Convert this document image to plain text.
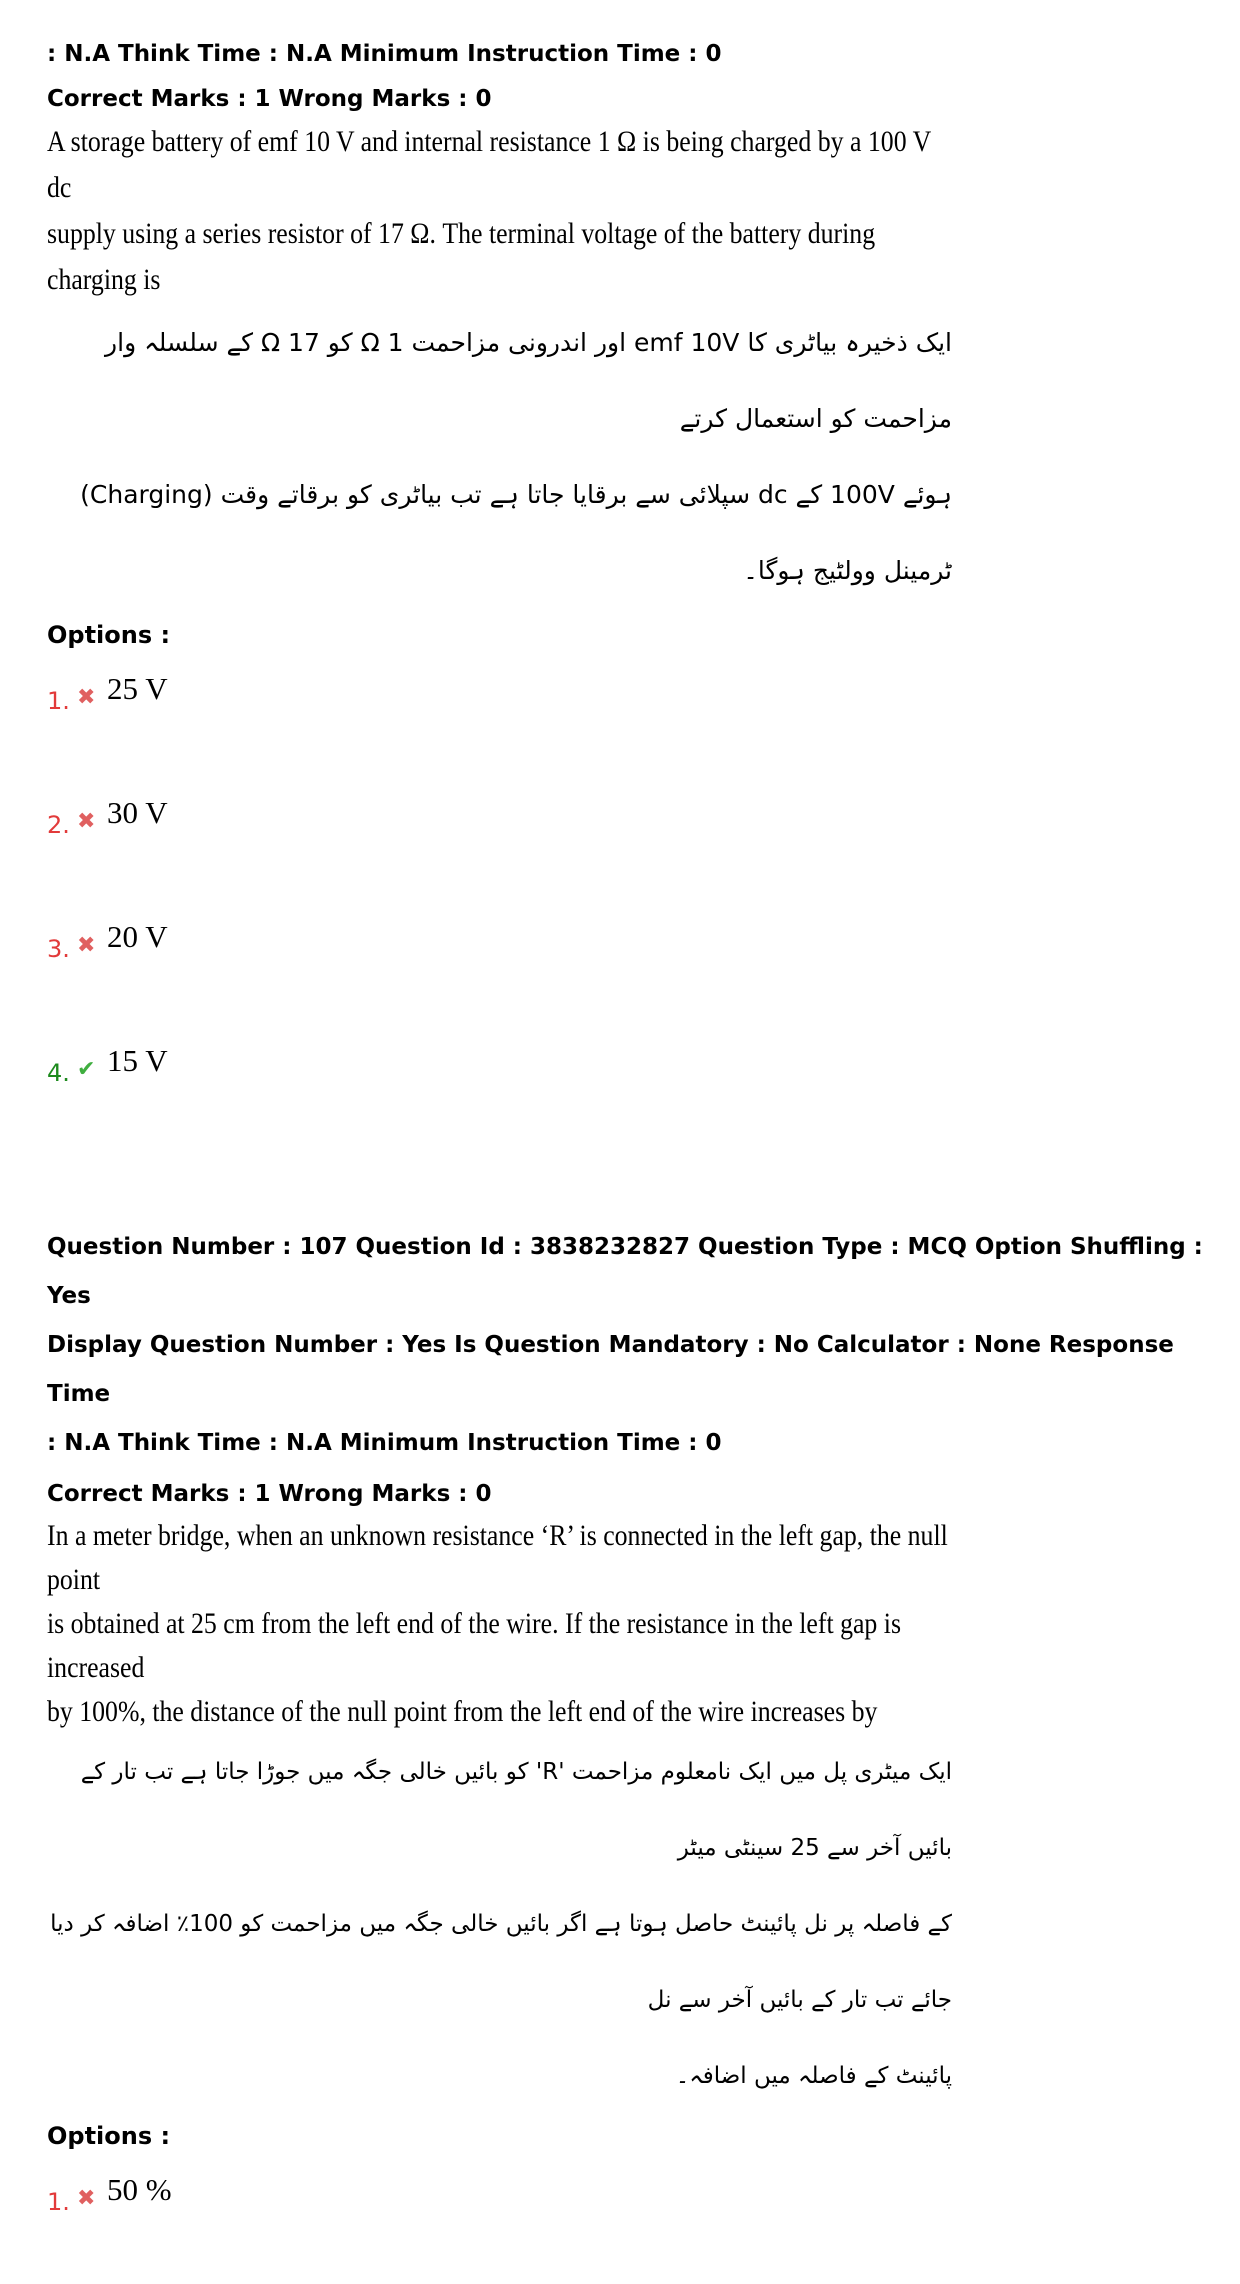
: N.A Think Time : N.A Minimum Instruction Time : 0

Correct Marks : 1 Wrong Marks : 0

A storage battery of emf 10 V and internal resistance 1 Ω is being charged by a 100 V dc
supply using a series resistor of 17 Ω. The terminal voltage of the battery during charging is

ایک ذخیرہ بیاٹری کا emf 10V اور اندرونی مزاحمت Ω 1 کو Ω 17 کے سلسلہ وار مزاحمت کو استعمال کرتے

ہوئے 100V کے dc سپلائی سے برقایا جاتا ہے تب بیاٹری کو برقاتے وقت (Charging) ٹرمینل وولٹیج ہوگا۔

Options :

1. ✖ 25 V
2. ✖ 30 V
3. ✖ 20 V
4. ✔ 15 V

Question Number : 107 Question Id : 3838232827 Question Type : MCQ Option Shuffling : Yes

Display Question Number : Yes Is Question Mandatory : No Calculator : None Response Time

: N.A Think Time : N.A Minimum Instruction Time : 0

Correct Marks : 1 Wrong Marks : 0

In a meter bridge, when an unknown resistance ‘R’ is connected in the left gap, the null point
is obtained at 25 cm from the left end of the wire. If the resistance in the left gap is increased
by 100%, the distance of the null point from the left end of the wire increases by

ایک میٹری پل میں ایک نامعلوم مزاحمت 'R' کو بائیں خالی جگہ میں جوڑا جاتا ہے تب تار کے بائیں آخر سے 25 سینٹی میٹر

کے فاصلہ پر نل پائینٹ حاصل ہوتا ہے اگر بائیں خالی جگہ میں مزاحمت کو 100٪ اضافہ کر دیا جائے تب تار کے بائیں آخر سے نل

پائینٹ کے فاصلہ میں اضافہ۔

Options :

1. ✖ 50 %
